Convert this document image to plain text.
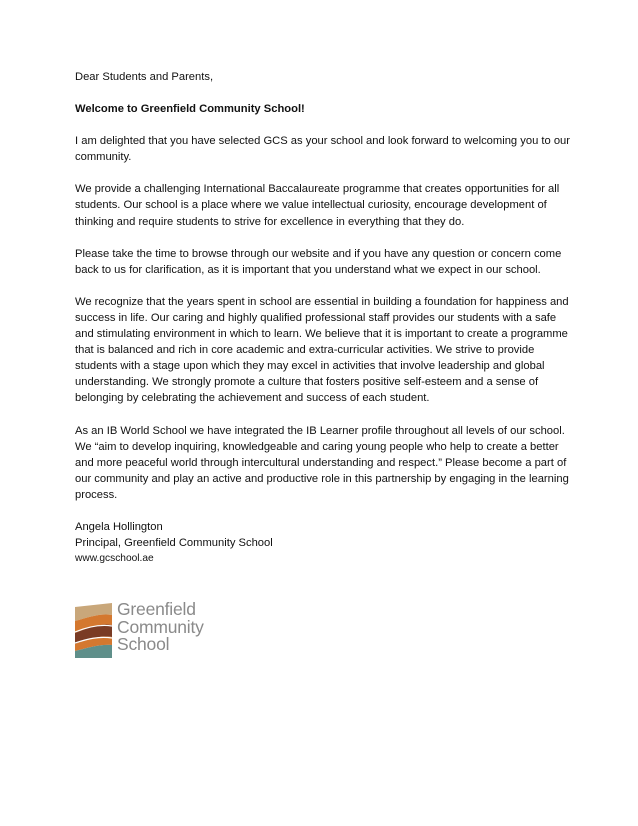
Dear Students and Parents,

Welcome to Greenfield Community School!

I am delighted that you have selected GCS as your school and look forward to welcoming you to our community.

We provide a challenging International Baccalaureate programme that creates opportunities for all students. Our school is a place where we value intellectual curiosity, encourage development of thinking and require students to strive for excellence in everything that they do.

Please take the time to browse through our website and if you have any question or concern come back to us for clarification, as it is important that you understand what we expect in our school.

We recognize that the years spent in school are essential in building a foundation for happiness and success in life. Our caring and highly qualified professional staff provides our students with a safe and stimulating environment in which to learn. We believe that it is important to create a programme that is balanced and rich in core academic and extra-curricular activities. We strive to provide students with a stage upon which they may excel in activities that involve leadership and global understanding. We strongly promote a culture that fosters positive self-esteem and a sense of belonging by celebrating the achievement and success of each student.

As an IB World School we have integrated the IB Learner profile throughout all levels of our school. We “aim to develop inquiring, knowledgeable and caring young people who help to create a better and more peaceful world through intercultural understanding and respect.” Please become a part of our community and play an active and productive role in this partnership by engaging in the learning process.

Angela Hollington

Principal, Greenfield Community School

www.gcschool.ae

Greenfield
Community
School
